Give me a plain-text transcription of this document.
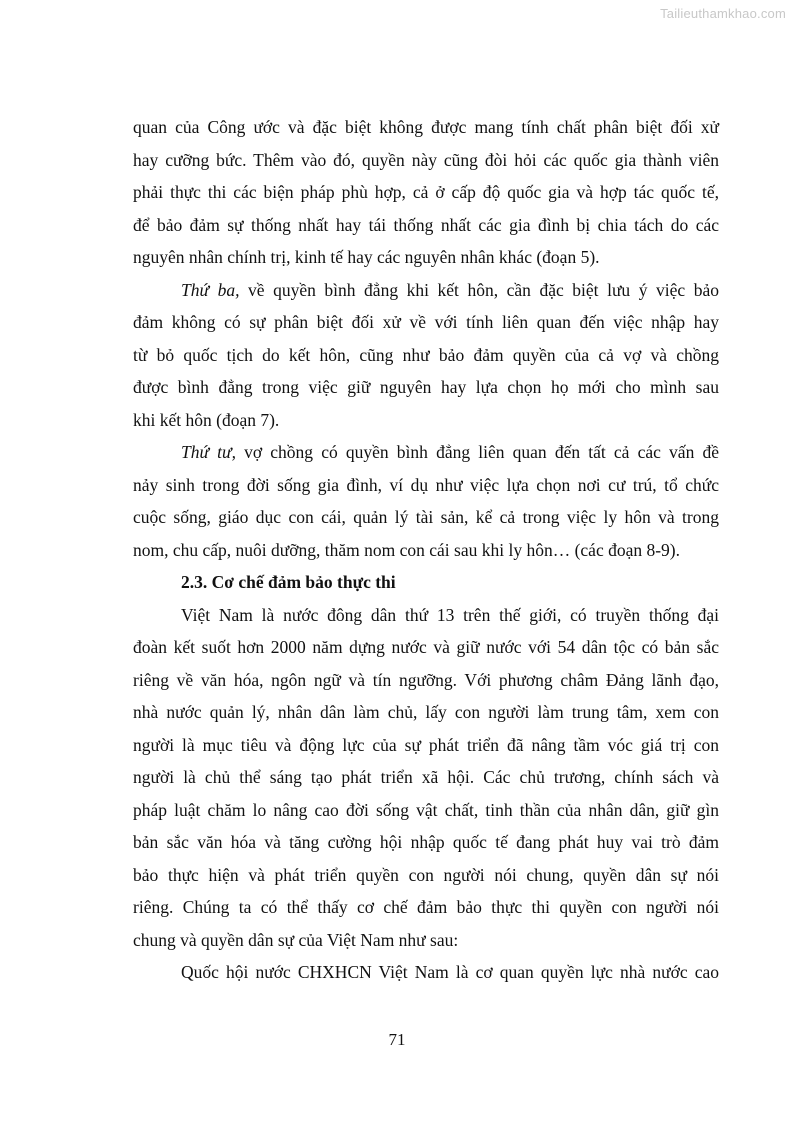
Tailieuthamkhao.com
quan của Công ước và đặc biệt không được mang tính chất phân biệt đối xử
hay cưỡng bức. Thêm vào đó, quyền này cũng đòi hỏi các quốc gia thành viên
phải thực thi các biện pháp phù hợp, cả ở cấp độ quốc gia và hợp tác quốc tế,
để bảo đảm sự thống nhất hay tái thống nhất các gia đình bị chia tách do các
nguyên nhân chính trị, kinh tế hay các nguyên nhân khác (đoạn 5).
Thứ ba, về quyền bình đẳng khi kết hôn, cần đặc biệt lưu ý việc bảo
đảm không có sự phân biệt đối xử về với tính liên quan đến việc nhập hay
từ bỏ quốc tịch do kết hôn, cũng như bảo đảm quyền của cả vợ và chồng
được bình đẳng trong việc giữ nguyên hay lựa chọn họ mới cho mình sau
khi kết hôn (đoạn 7).
Thứ tư, vợ chồng có quyền bình đẳng liên quan đến tất cả các vấn đề
nảy sinh trong đời sống gia đình, ví dụ như việc lựa chọn nơi cư trú, tổ chức
cuộc sống, giáo dục con cái, quản lý tài sản, kể cả trong việc ly hôn và trong
nom, chu cấp, nuôi dưỡng, thăm nom con cái sau khi ly hôn… (các đoạn 8-9).
2.3. Cơ chế đảm bảo thực thi
Việt Nam là nước đông dân thứ 13 trên thế giới, có truyền thống đại
đoàn kết suốt hơn 2000 năm dựng nước và giữ nước với 54 dân tộc có bản sắc
riêng về văn hóa, ngôn ngữ và tín ngưỡng. Với phương châm Đảng lãnh đạo,
nhà nước quản lý, nhân dân làm chủ, lấy con người làm trung tâm, xem con
người là mục tiêu và động lực của sự phát triển đã nâng tầm vóc giá trị con
người là chủ thể sáng tạo phát triển xã hội. Các chủ trương, chính sách và
pháp luật chăm lo nâng cao đời sống vật chất, tinh thần của nhân dân, giữ gìn
bản sắc văn hóa và tăng cường hội nhập quốc tế đang phát huy vai trò đảm
bảo thực hiện và phát triển quyền con người nói chung, quyền dân sự nói
riêng. Chúng ta có thể thấy cơ chế đảm bảo thực thi quyền con người nói
chung và quyền dân sự của Việt Nam như sau:
Quốc hội nước CHXHCN Việt Nam là cơ quan quyền lực nhà nước cao
71
